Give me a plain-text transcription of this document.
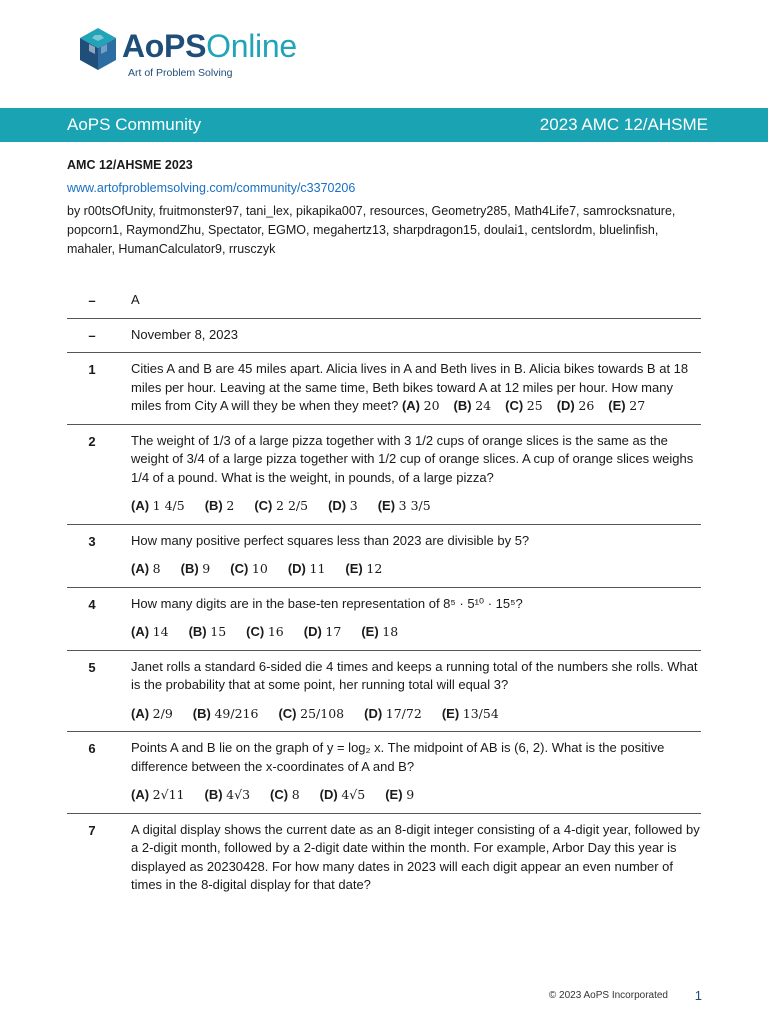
AoPSOnline
Art of Problem Solving
AoPS Community	2023 AMC 12/AHSME
AMC 12/AHSME 2023
www.artofproblemsolving.com/community/c3370206
by r00tsOfUnity, fruitmonster97, tani_lex, pikapika007, resources, Geometry285, Math4Life7, samrocksnature, popcorn1, RaymondZhu, Spectator, EGMO, megahertz13, sharpdragon15, doulai1, centslordm, bluelinfish, mahaler, HumanCalculator9, rrusczyk
–	A

–	November 8, 2023

1	Cities A and B are 45 miles apart. Alicia lives in A and Beth lives in B. Alicia bikes towards B at 18 miles per hour. Leaving at the same time, Beth bikes toward A at 12 miles per hour. How many miles from City A will they be when they meet? (A) 20 (B) 24 (C) 25 (D) 26 (E) 27

2	The weight of 1/3 of a large pizza together with 3 1/2 cups of orange slices is the same as the weight of 3/4 of a large pizza together with 1/2 cup of orange slices. A cup of orange slices weighs 1/4 of a pound. What is the weight, in pounds, of a large pizza?

(A) 1 4/5 (B) 2 (C) 2 2/5 (D) 3 (E) 3 3/5
3	How many positive perfect squares less than 2023 are divisible by 5?

(A) 8 (B) 9 (C) 10 (D) 11 (E) 12
4	How many digits are in the base-ten representation of 8⁵ · 5¹⁰ · 15⁵?

(A) 14 (B) 15 (C) 16 (D) 17 (E) 18
5	Janet rolls a standard 6-sided die 4 times and keeps a running total of the numbers she rolls. What is the probability that at some point, her running total will equal 3?

(A) 2/9 (B) 49/216 (C) 25/108 (D) 17/72 (E) 13/54
6	Points A and B lie on the graph of y = log₂ x. The midpoint of AB is (6, 2). What is the positive difference between the x-coordinates of A and B?

(A) 2√11 (B) 4√3 (C) 8 (D) 4√5 (E) 9
7	A digital display shows the current date as an 8-digit integer consisting of a 4-digit year, followed by a 2-digit month, followed by a 2-digit date within the month. For example, Arbor Day this year is displayed as 20230428. For how many dates in 2023 will each digit appear an even number of times in the 8-digital display for that date?

© 2023 AoPS Incorporated 1
